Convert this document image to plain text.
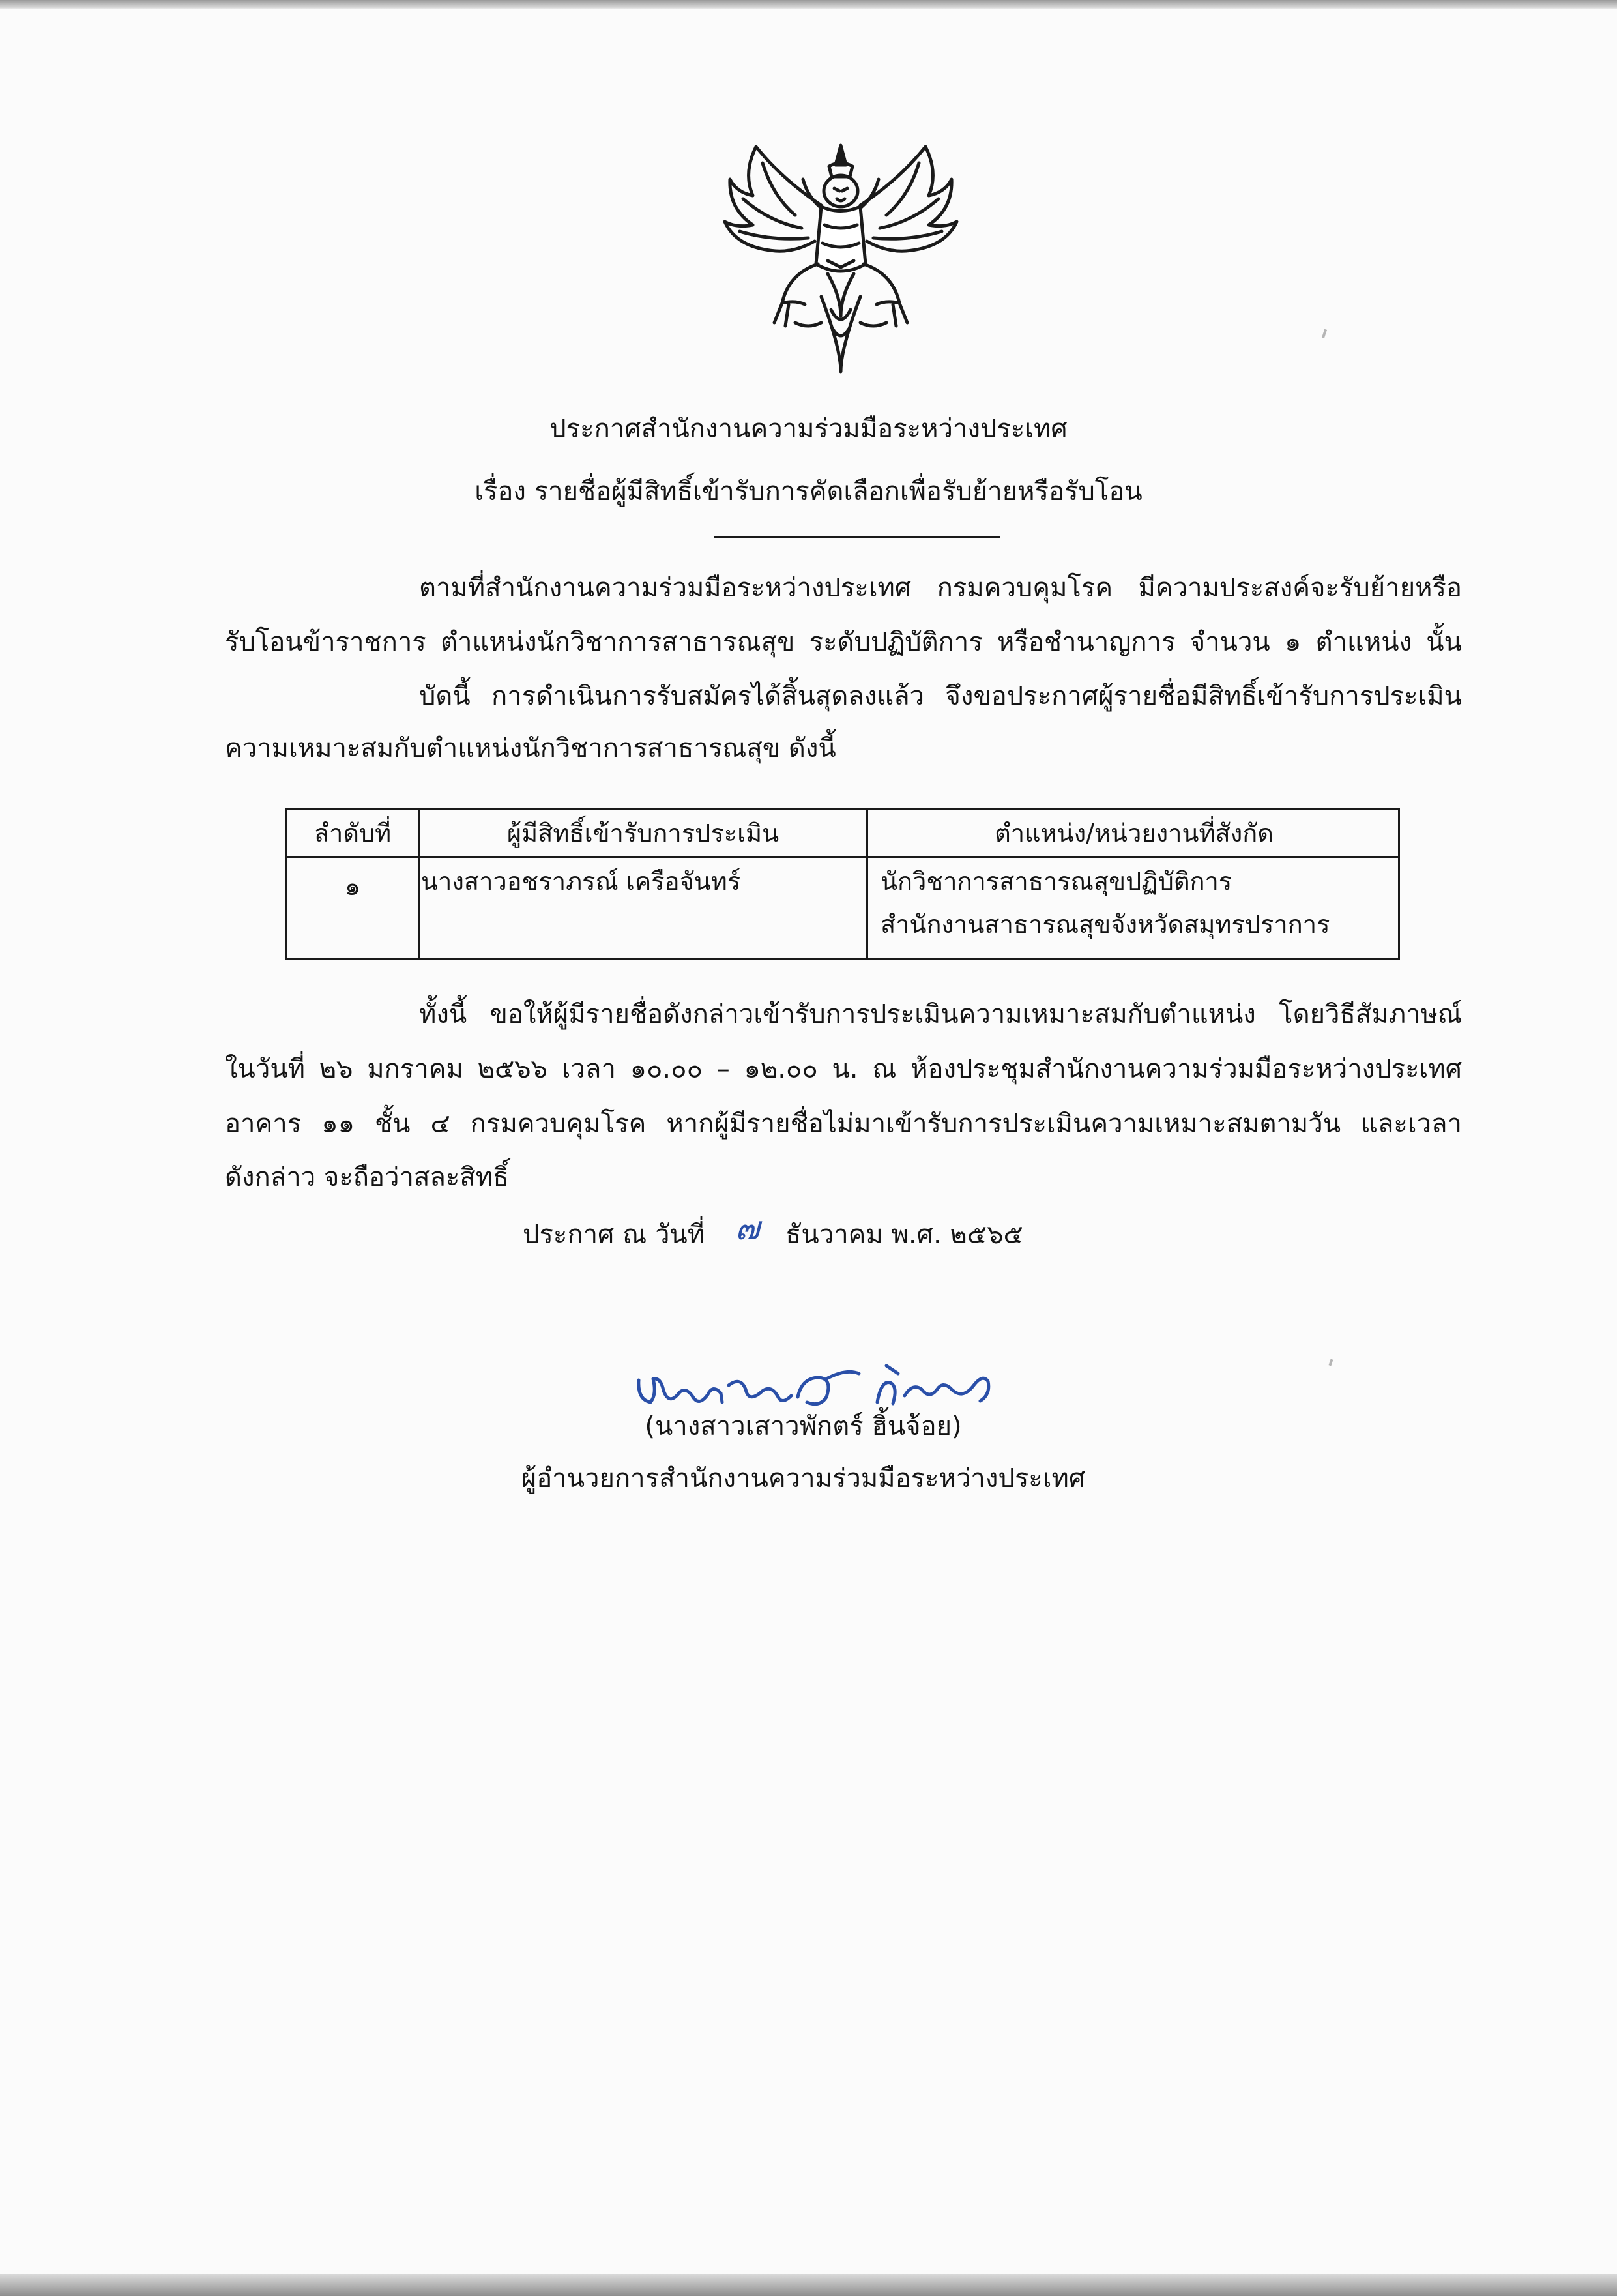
ประกาศสำนักงานความร่วมมือระหว่างประเทศ
เรื่อง รายชื่อผู้มีสิทธิ์เข้ารับการคัดเลือกเพื่อรับย้ายหรือรับโอน
ตามที่สำนักงานความร่วมมือระหว่างประเทศ กรมควบคุมโรค มีความประสงค์จะรับย้ายหรือ
รับโอนข้าราชการ ตำแหน่งนักวิชาการสาธารณสุข ระดับปฏิบัติการ หรือชำนาญการ จำนวน ๑ ตำแหน่ง นั้น
บัดนี้ การดำเนินการรับสมัครได้สิ้นสุดลงแล้ว จึงขอประกาศผู้รายชื่อมีสิทธิ์เข้ารับการประเมิน
ความเหมาะสมกับตำแหน่งนักวิชาการสาธารณสุข ดังนี้
ลำดับที่	ผู้มีสิทธิ์เข้ารับการประเมิน	ตำแหน่ง/หน่วยงานที่สังกัด
๑	นางสาวอชราภรณ์ เครือจันทร์	นักวิชาการสาธารณสุขปฏิบัติการ
สำนักงานสาธารณสุขจังหวัดสมุทรปราการ
ทั้งนี้ ขอให้ผู้มีรายชื่อดังกล่าวเข้ารับการประเมินความเหมาะสมกับตำแหน่ง โดยวิธีสัมภาษณ์
ในวันที่ ๒๖ มกราคม ๒๕๖๖ เวลา ๑๐.๐๐ – ๑๒.๐๐ น. ณ ห้องประชุมสำนักงานความร่วมมือระหว่างประเทศ
อาคาร ๑๑ ชั้น ๔ กรมควบคุมโรค หากผู้มีรายชื่อไม่มาเข้ารับการประเมินความเหมาะสมตามวัน และเวลา
ดังกล่าว จะถือว่าสละสิทธิ์
ประกาศ ณ วันที่ ๗ ธันวาคม พ.ศ. ๒๕๖๕
(นางสาวเสาวพักตร์ ฮิ้นจ้อย)
ผู้อำนวยการสำนักงานความร่วมมือระหว่างประเทศ
